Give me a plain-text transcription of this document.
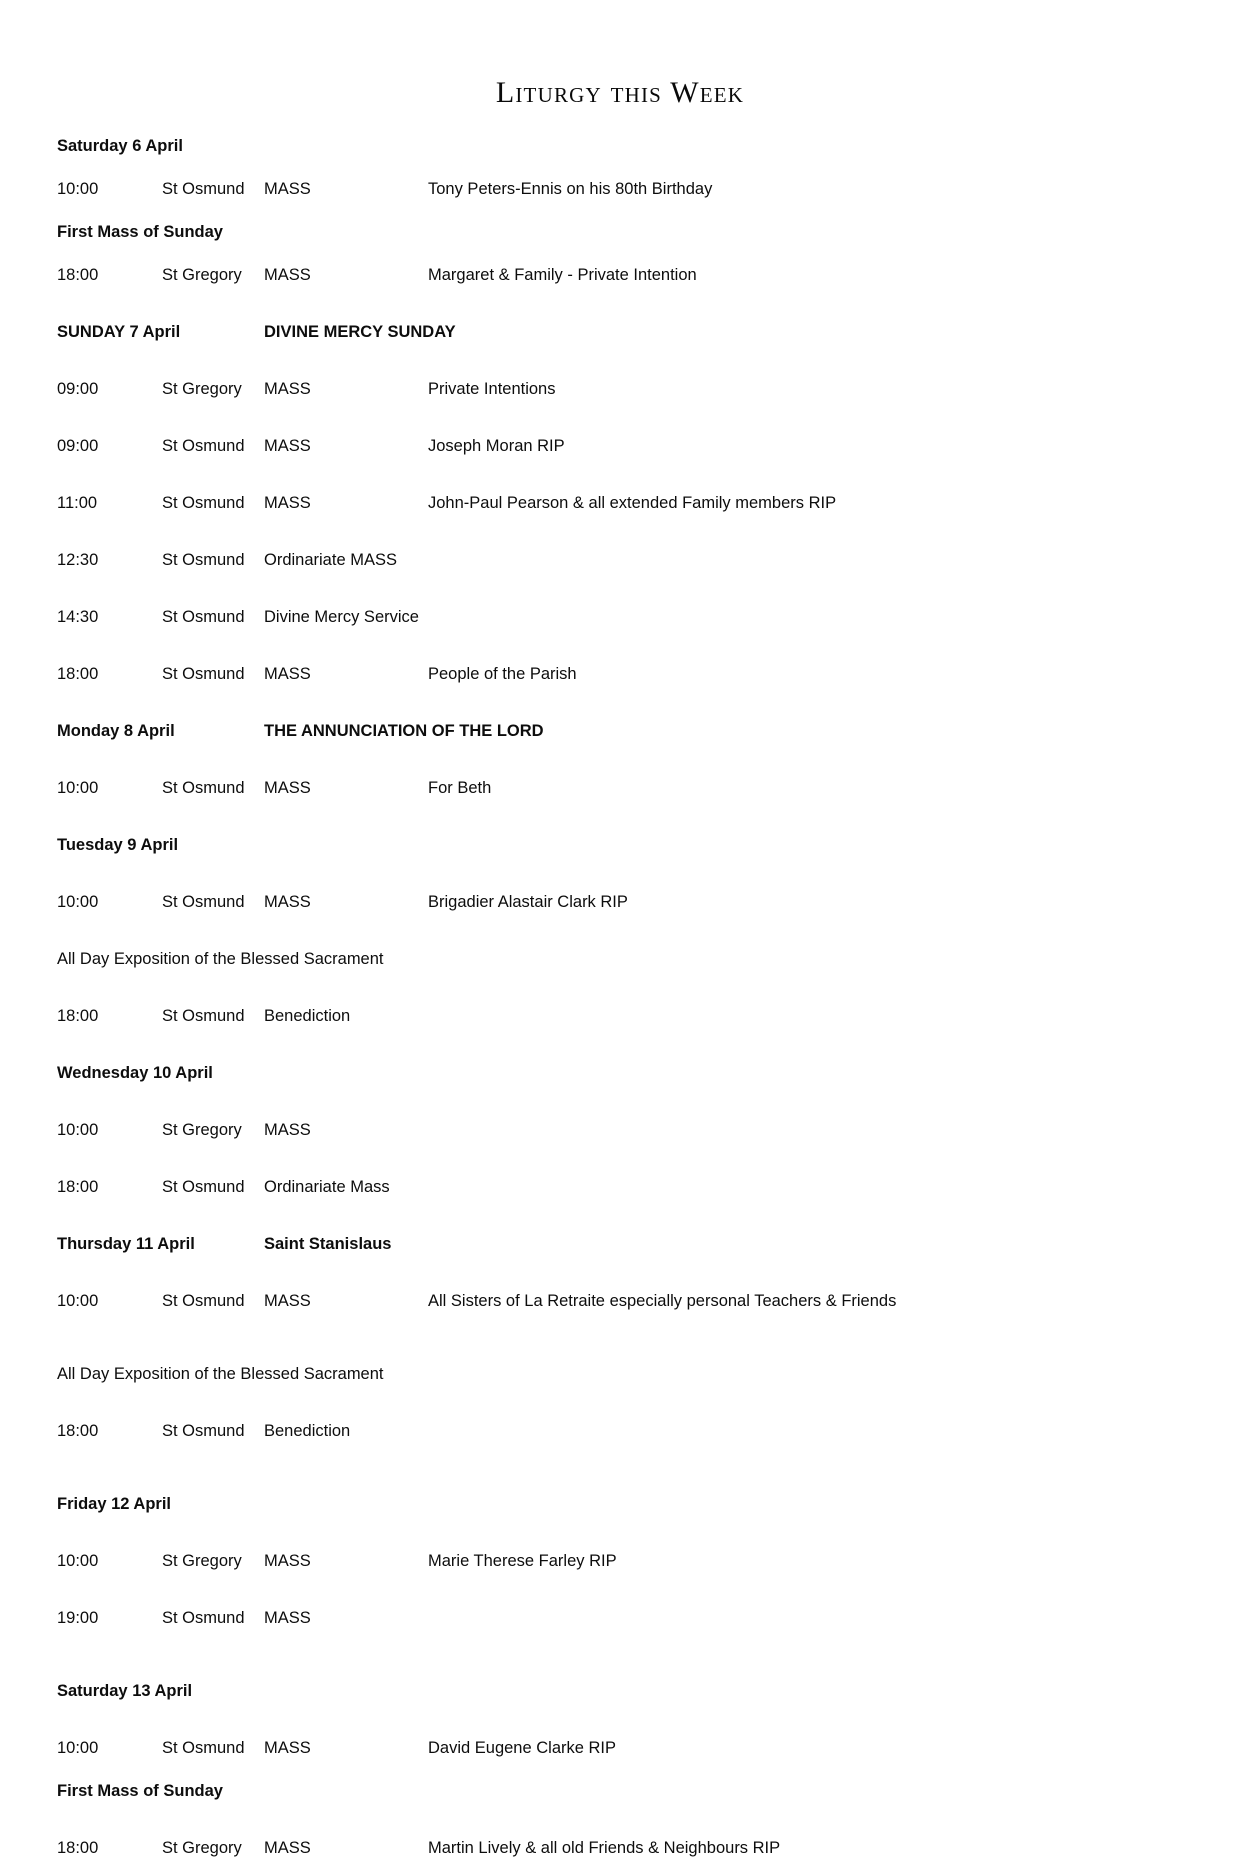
Liturgy this Week
Saturday 6 April
10:00	St Osmund MASS	Tony Peters-Ennis on his 80th Birthday
First Mass of Sunday
18:00	St Gregory MASS	Margaret & Family - Private Intention
SUNDAY 7 April	DIVINE MERCY SUNDAY
09:00	St Gregory MASS	Private Intentions
09:00	St Osmund MASS	Joseph Moran RIP
11:00	St Osmund MASS	John-Paul Pearson & all extended Family members RIP
12:30	St Osmund Ordinariate MASS
14:30	St Osmund Divine Mercy Service
18:00	St Osmund MASS	People of the Parish
Monday 8 April	THE ANNUNCIATION OF THE LORD
10:00	St Osmund MASS	For Beth
Tuesday 9 April
10:00	St Osmund MASS	Brigadier Alastair Clark RIP
All Day Exposition of the Blessed Sacrament
18:00	St Osmund Benediction
Wednesday 10 April
10:00	St Gregory MASS
18:00	St Osmund Ordinariate Mass
Thursday 11 April	Saint Stanislaus
10:00	St Osmund MASS	All Sisters of La Retraite especially personal Teachers & Friends
All Day Exposition of the Blessed Sacrament
18:00	St Osmund Benediction
Friday 12 April
10:00	St Gregory MASS	Marie Therese Farley RIP
19:00	St Osmund MASS
Saturday 13 April
10:00	St Osmund MASS	David Eugene Clarke RIP
First Mass of Sunday
18:00	St Gregory MASS	Martin Lively & all old Friends & Neighbours RIP
